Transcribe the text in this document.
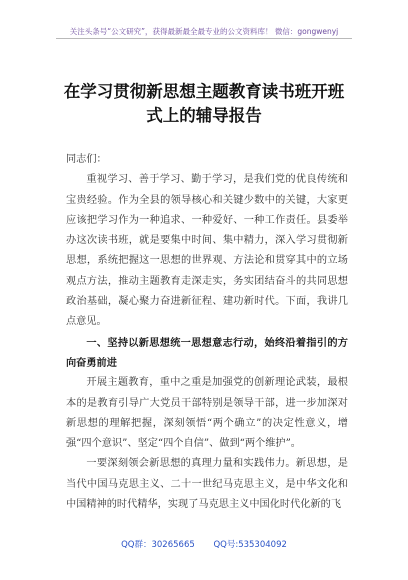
关注头条号“公文研究”，获得最新最全最专业的公文资料库！ 微信：gongwenyj
在学习贯彻新思想主题教育读书班开班式上的辅导报告

同志们：

重视学习、善于学习、勤于学习，是我们党的优良传统和宝贵经验。作为全县的领导核心和关键少数中的关键，大家更应该把学习作为一种追求、一种爱好、一种工作责任。县委举办这次读书班，就是要集中时间、集中精力，深入学习贯彻新思想，系统把握这一思想的世界观、方法论和贯穿其中的立场观点方法，推动主题教育走深走实，务实团结奋斗的共同思想政治基础，凝心聚力奋进新征程、建功新时代。下面，我讲几点意见。

一、坚持以新思想统一思想意志行动，始终沿着指引的方向奋勇前进

开展主题教育，重中之重是加强党的创新理论武装，最根本的是教育引导广大党员干部特别是领导干部，进一步加深对新思想的理解把握，深刻领悟“两个确立”的决定性意义，增强“四个意识”、坚定“四个自信”、做到“两个维护”。

一要深刻领会新思想的真理力量和实践伟力。新思想，是当代中国马克思主义、二十一世纪马克思主义，是中华文化和中国精神的时代精华，实现了马克思主义中国化时代化新的飞

QQ群：30265665 QQ号:535304092
